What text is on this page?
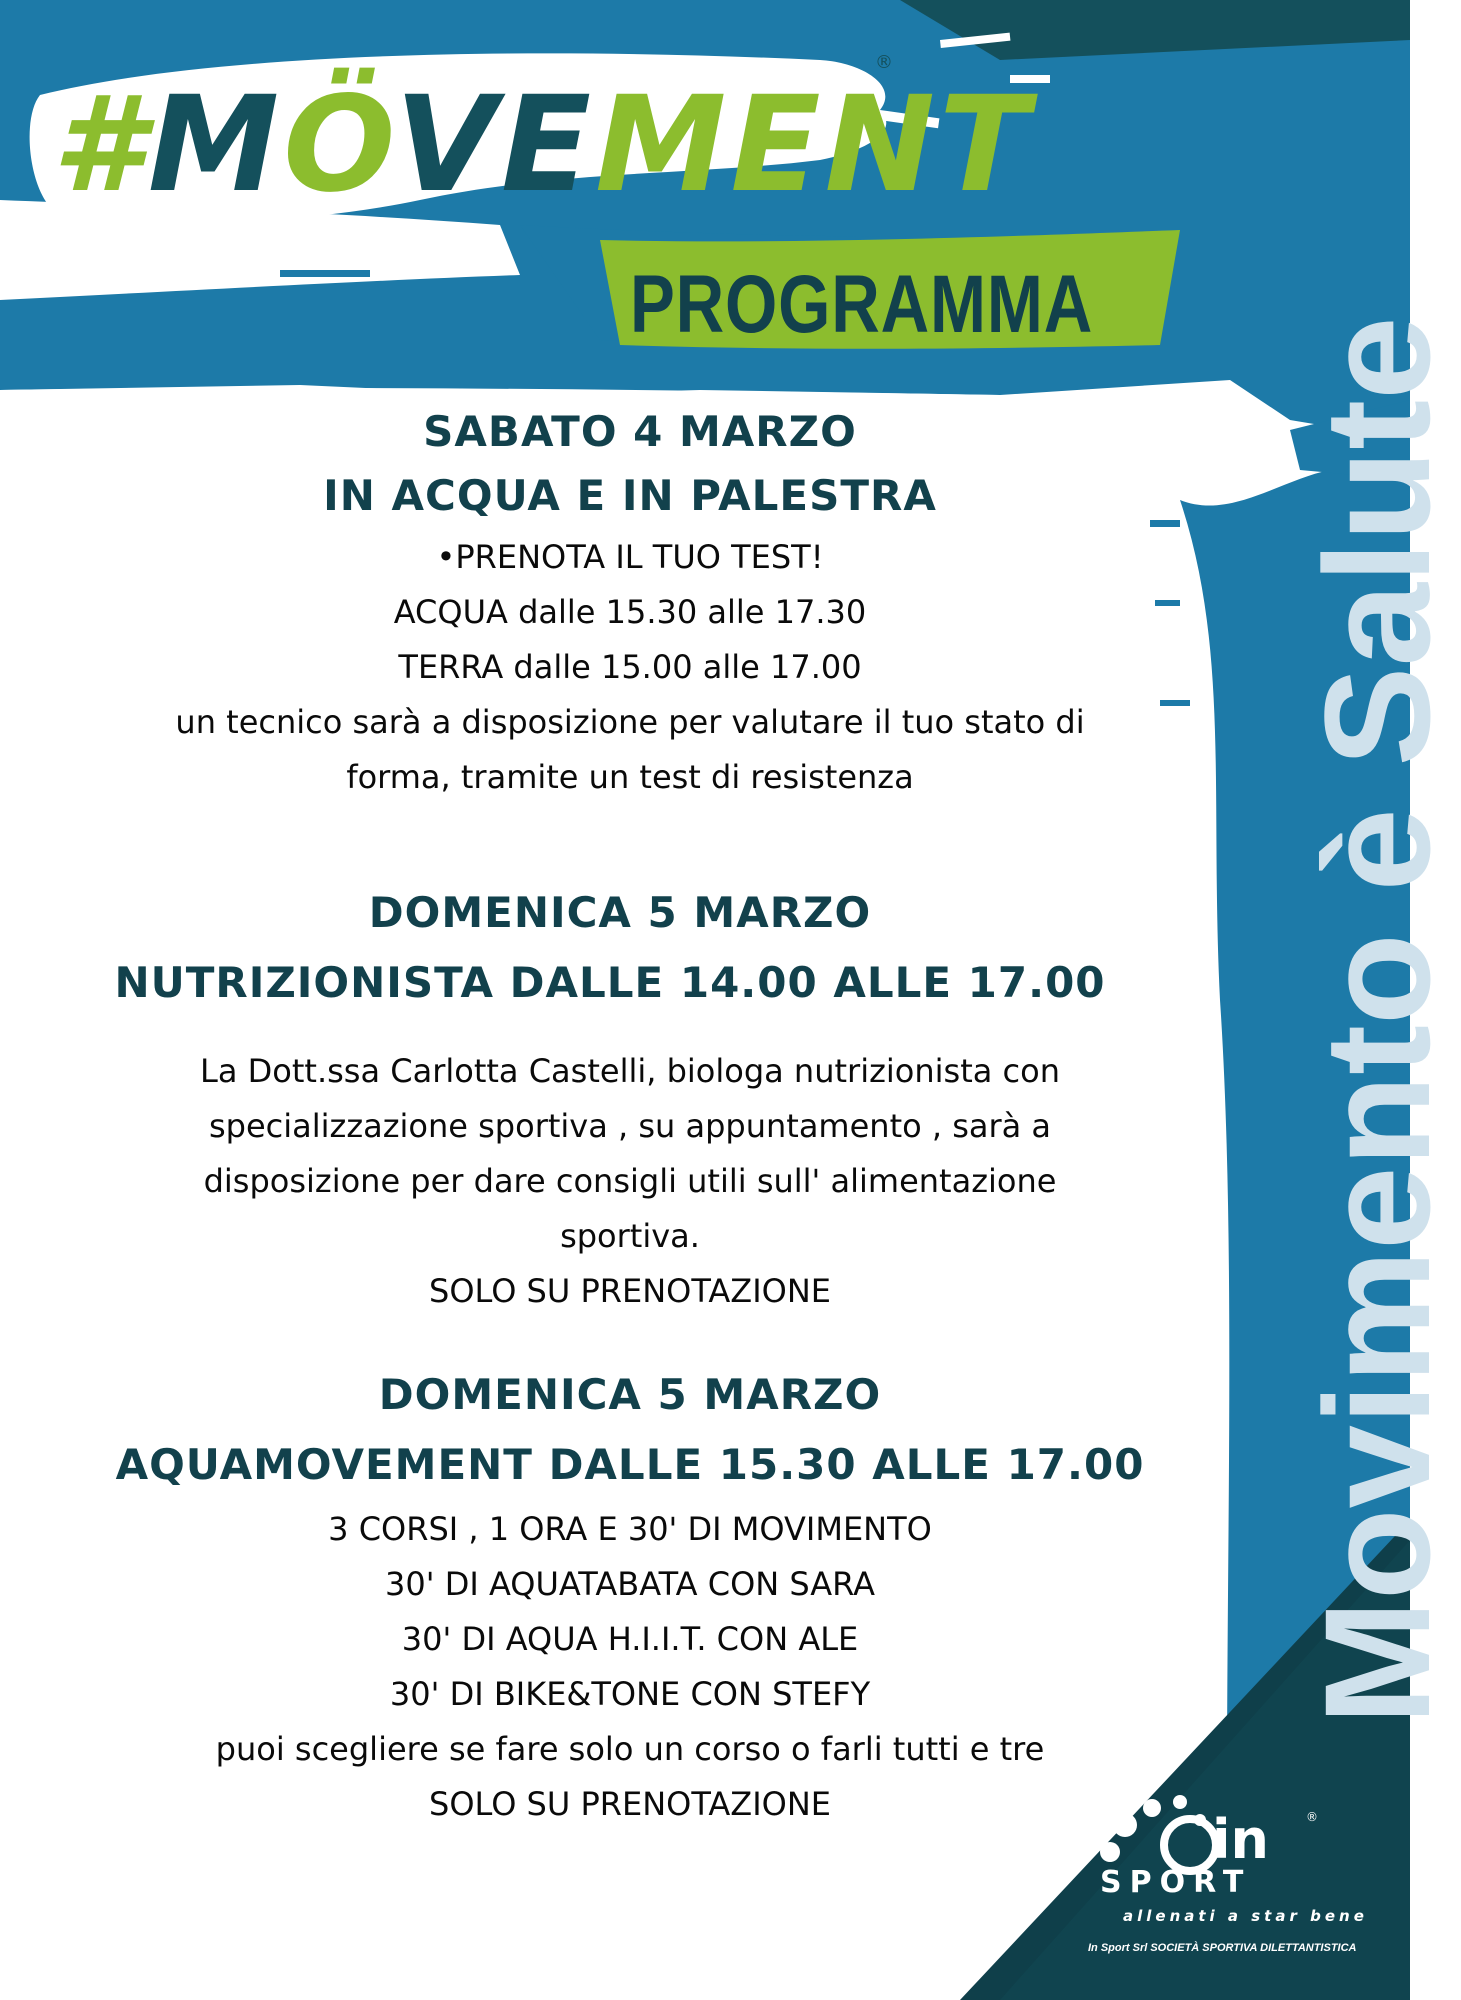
Movimento è Salute
#MÖVEMENT
®
PROGRAMMA
SABATO 4 MARZO
IN ACQUA E IN PALESTRA
•PRENOTA IL TUO TEST!
ACQUA dalle 15.30 alle 17.30
TERRA dalle 15.00 alle 17.00
un tecnico sarà a disposizione per valutare il tuo stato di
forma, tramite un test di resistenza
DOMENICA 5 MARZO
NUTRIZIONISTA DALLE 14.00 ALLE 17.00
La Dott.ssa Carlotta Castelli, biologa nutrizionista con
specializzazione sportiva , su appuntamento , sarà a
disposizione per dare consigli utili sull' alimentazione
sportiva.
SOLO SU PRENOTAZIONE
DOMENICA 5 MARZO
AQUAMOVEMENT DALLE 15.30 ALLE 17.00
3 CORSI , 1 ORA E 30' DI MOVIMENTO
30' DI AQUATABATA CON SARA
30' DI AQUA H.I.I.T. CON ALE
30' DI BIKE&TONE CON STEFY
puoi scegliere se fare solo un corso o farli tutti e tre
SOLO SU PRENOTAZIONE
in	®
SPORT
allenati a star bene
In Sport Srl SOCIETÀ SPORTIVA DILETTANTISTICA
